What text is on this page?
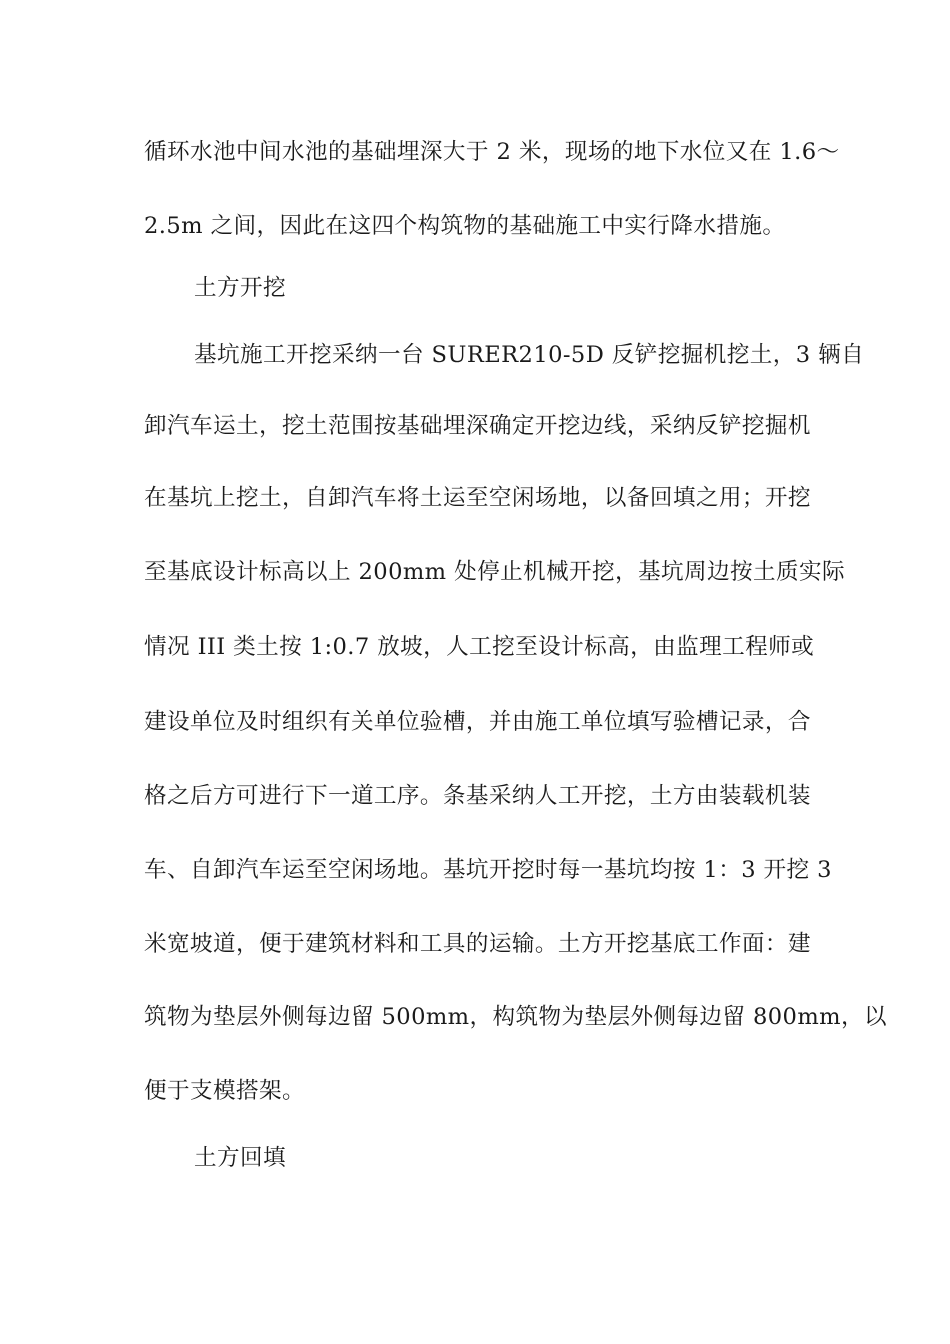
循环水池中间水池的基础埋深大于 2 米，现场的地下水位又在 1.6～
2.5m 之间，因此在这四个构筑物的基础施工中实行降水措施。
土方开挖
基坑施工开挖采纳一台 SURER210-5D 反铲挖掘机挖土，3 辆自
卸汽车运土，挖土范围按基础埋深确定开挖边线，采纳反铲挖掘机
在基坑上挖土，自卸汽车将土运至空闲场地，以备回填之用；开挖
至基底设计标高以上 200mm 处停止机械开挖，基坑周边按土质实际
情况 III 类土按 1:0.7 放坡，人工挖至设计标高，由监理工程师或
建设单位及时组织有关单位验槽，并由施工单位填写验槽记录，合
格之后方可进行下一道工序。条基采纳人工开挖，土方由装载机装
车、自卸汽车运至空闲场地。基坑开挖时每一基坑均按 1：3 开挖 3
米宽坡道，便于建筑材料和工具的运输。土方开挖基底工作面：建
筑物为垫层外侧每边留 500mm，构筑物为垫层外侧每边留 800mm，以
便于支模搭架。
土方回填
